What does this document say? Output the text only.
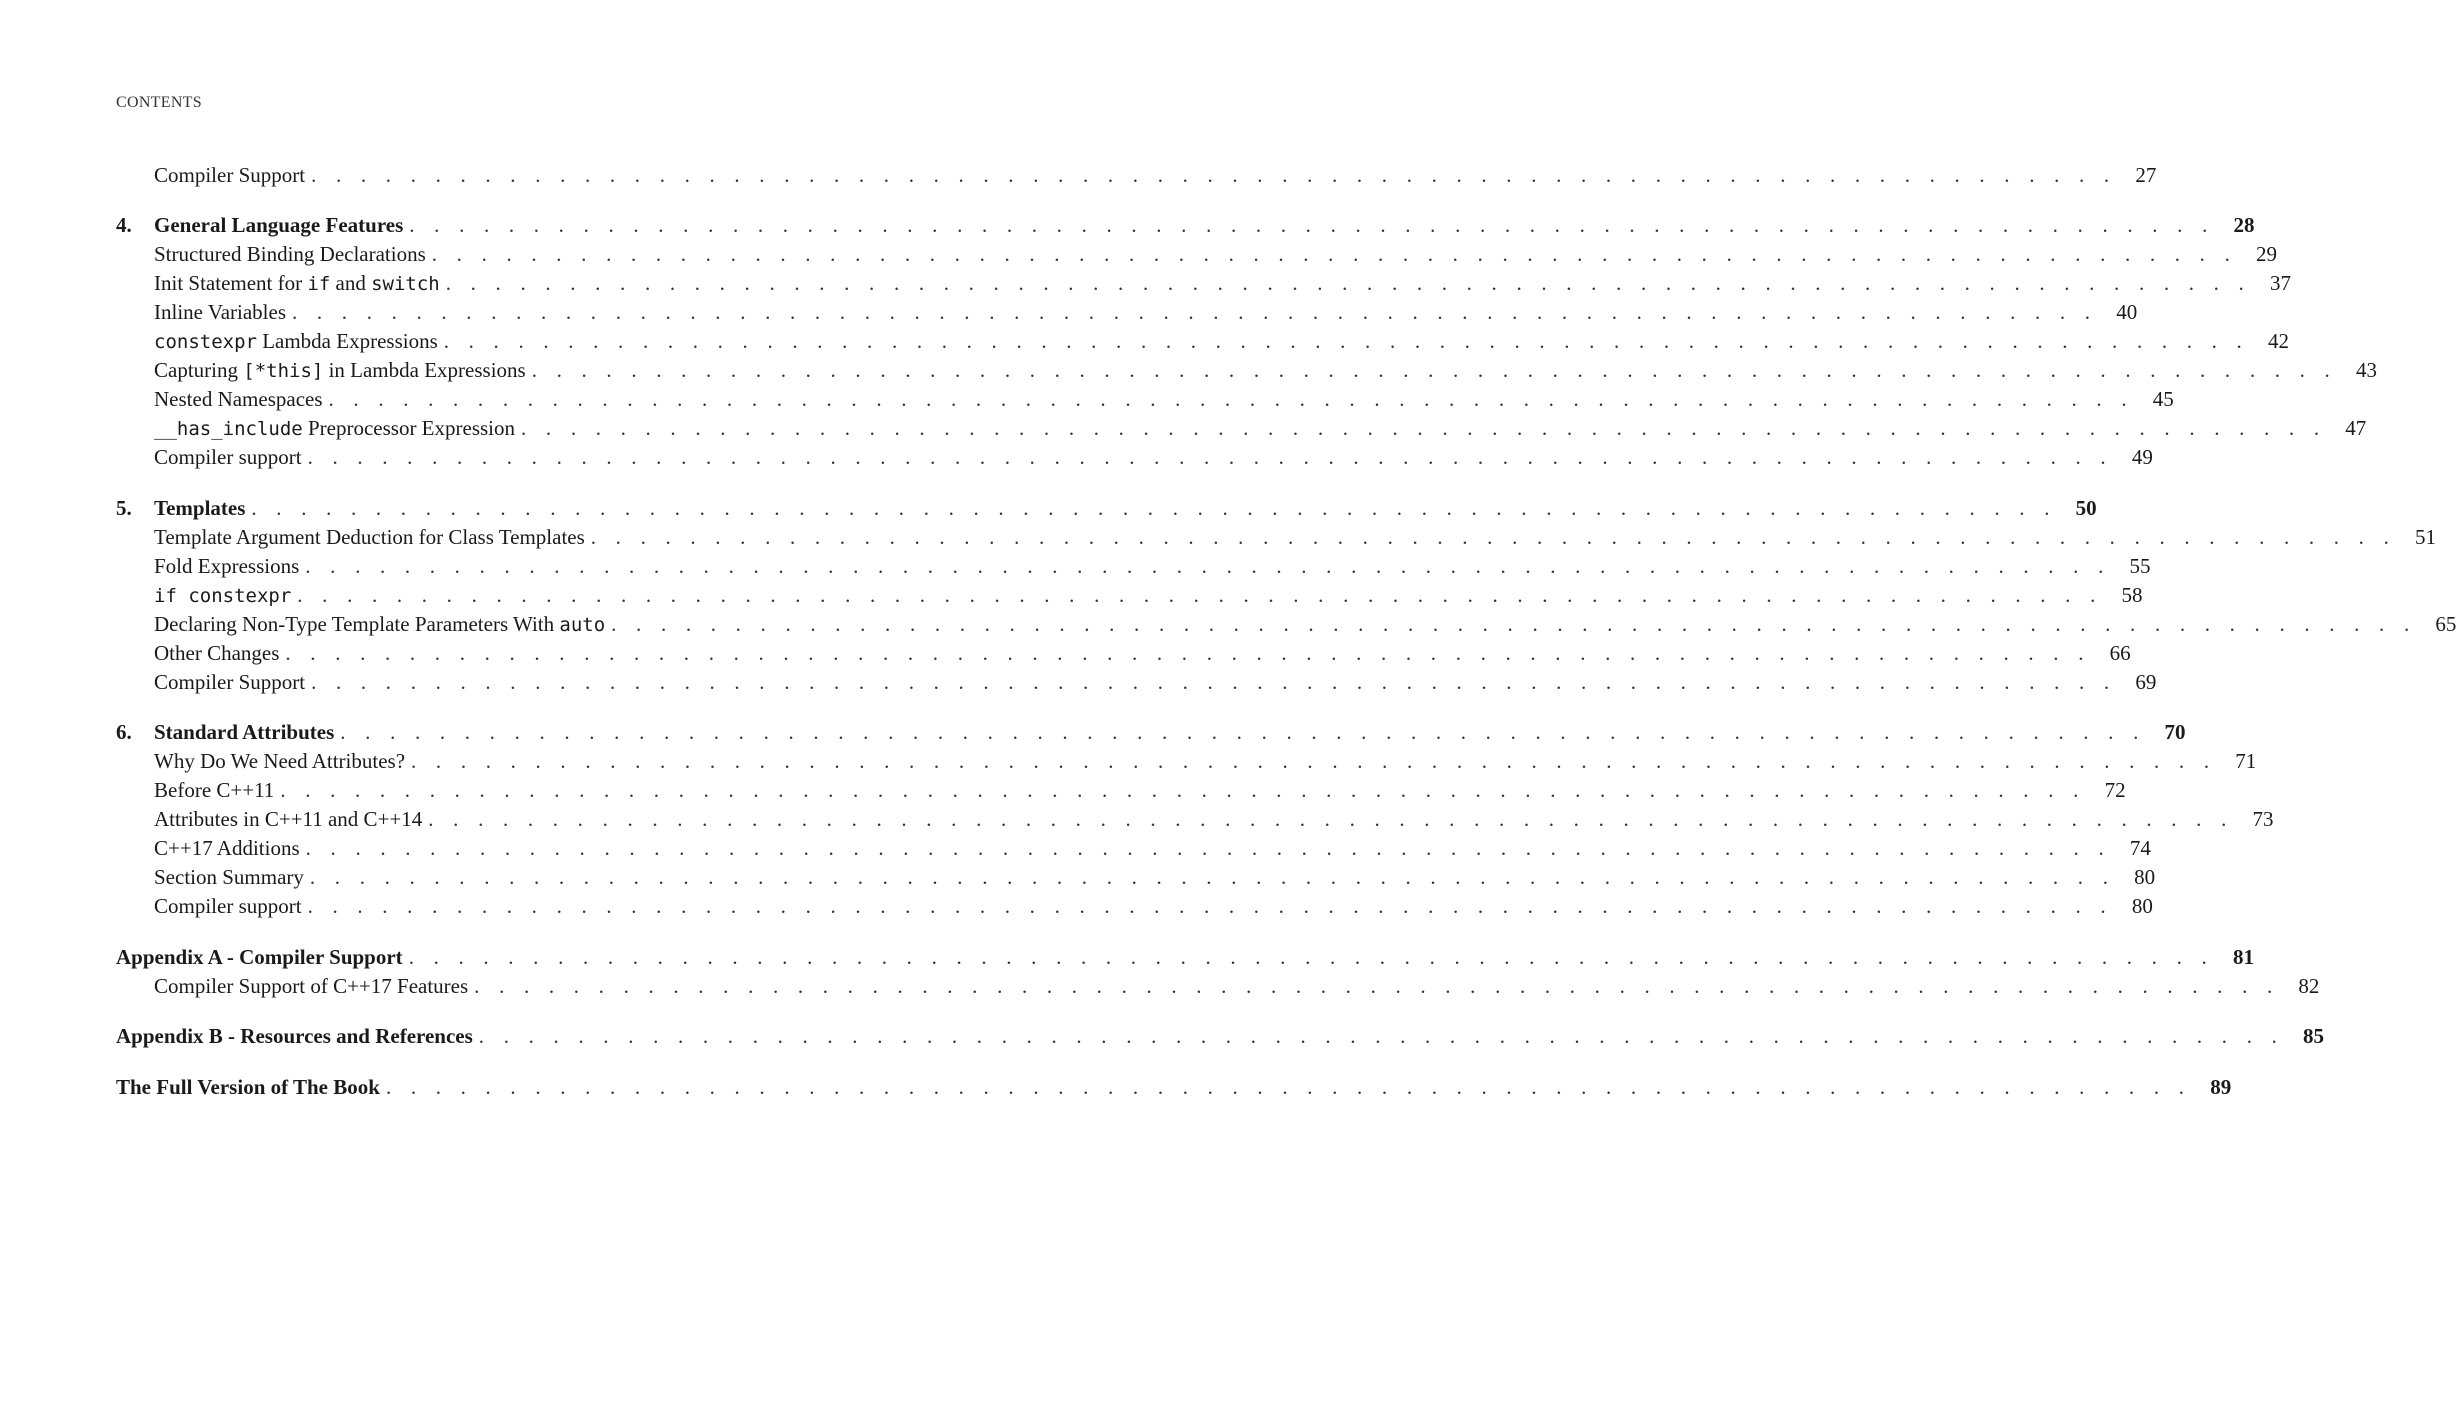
CONTENTS
Compiler Support . . . . . . . . . . . . . . . . . . . . . . . . . . . . . . . . . . . . . . . . . . . . . . . . . . . . . . . . . . . . . . . . . . . . . . . . . 27
4.	General Language Features . . . . . . . . . . . . . . . . . . . . . . . . . . . . . . . . . . . . . . . . . . . . . . . . . . . . . . . . . . . . . . . . . . . . . . . . . 28
Structured Binding Declarations . . . . . . . . . . . . . . . . . . . . . . . . . . . . . . . . . . . . . . . . . . . . . . . . . . . . . . . . . . . . . . . . . . . . . . . . . 29
Init Statement for if and switch . . . . . . . . . . . . . . . . . . . . . . . . . . . . . . . . . . . . . . . . . . . . . . . . . . . . . . . . . . . . . . . . . . . . . . . . . 37
Inline Variables . . . . . . . . . . . . . . . . . . . . . . . . . . . . . . . . . . . . . . . . . . . . . . . . . . . . . . . . . . . . . . . . . . . . . . . . . 40
constexpr Lambda Expressions . . . . . . . . . . . . . . . . . . . . . . . . . . . . . . . . . . . . . . . . . . . . . . . . . . . . . . . . . . . . . . . . . . . . . . . . . 42
Capturing [*this] in Lambda Expressions . . . . . . . . . . . . . . . . . . . . . . . . . . . . . . . . . . . . . . . . . . . . . . . . . . . . . . . . . . . . . . . . . . . . . . . . . 43
Nested Namespaces . . . . . . . . . . . . . . . . . . . . . . . . . . . . . . . . . . . . . . . . . . . . . . . . . . . . . . . . . . . . . . . . . . . . . . . . . 45
__has_include Preprocessor Expression . . . . . . . . . . . . . . . . . . . . . . . . . . . . . . . . . . . . . . . . . . . . . . . . . . . . . . . . . . . . . . . . . . . . . . . . . 47
Compiler support . . . . . . . . . . . . . . . . . . . . . . . . . . . . . . . . . . . . . . . . . . . . . . . . . . . . . . . . . . . . . . . . . . . . . . . . . 49
5.	Templates . . . . . . . . . . . . . . . . . . . . . . . . . . . . . . . . . . . . . . . . . . . . . . . . . . . . . . . . . . . . . . . . . . . . . . . . . 50
Template Argument Deduction for Class Templates . . . . . . . . . . . . . . . . . . . . . . . . . . . . . . . . . . . . . . . . . . . . . . . . . . . . . . . . . . . . . . . . . . . . . . . . . 51
Fold Expressions . . . . . . . . . . . . . . . . . . . . . . . . . . . . . . . . . . . . . . . . . . . . . . . . . . . . . . . . . . . . . . . . . . . . . . . . . 55
if constexpr . . . . . . . . . . . . . . . . . . . . . . . . . . . . . . . . . . . . . . . . . . . . . . . . . . . . . . . . . . . . . . . . . . . . . . . . . 58
Declaring Non-Type Template Parameters With auto . . . . . . . . . . . . . . . . . . . . . . . . . . . . . . . . . . . . . . . . . . . . . . . . . . . . . . . . . . . . . . . . . . . . . . . . . 65
Other Changes . . . . . . . . . . . . . . . . . . . . . . . . . . . . . . . . . . . . . . . . . . . . . . . . . . . . . . . . . . . . . . . . . . . . . . . . . 66
Compiler Support . . . . . . . . . . . . . . . . . . . . . . . . . . . . . . . . . . . . . . . . . . . . . . . . . . . . . . . . . . . . . . . . . . . . . . . . . 69
6.	Standard Attributes . . . . . . . . . . . . . . . . . . . . . . . . . . . . . . . . . . . . . . . . . . . . . . . . . . . . . . . . . . . . . . . . . . . . . . . . . 70
Why Do We Need Attributes? . . . . . . . . . . . . . . . . . . . . . . . . . . . . . . . . . . . . . . . . . . . . . . . . . . . . . . . . . . . . . . . . . . . . . . . . . 71
Before C++11 . . . . . . . . . . . . . . . . . . . . . . . . . . . . . . . . . . . . . . . . . . . . . . . . . . . . . . . . . . . . . . . . . . . . . . . . . 72
Attributes in C++11 and C++14 . . . . . . . . . . . . . . . . . . . . . . . . . . . . . . . . . . . . . . . . . . . . . . . . . . . . . . . . . . . . . . . . . . . . . . . . . 73
C++17 Additions . . . . . . . . . . . . . . . . . . . . . . . . . . . . . . . . . . . . . . . . . . . . . . . . . . . . . . . . . . . . . . . . . . . . . . . . . 74
Section Summary . . . . . . . . . . . . . . . . . . . . . . . . . . . . . . . . . . . . . . . . . . . . . . . . . . . . . . . . . . . . . . . . . . . . . . . . . 80
Compiler support . . . . . . . . . . . . . . . . . . . . . . . . . . . . . . . . . . . . . . . . . . . . . . . . . . . . . . . . . . . . . . . . . . . . . . . . . 80
Appendix A - Compiler Support . . . . . . . . . . . . . . . . . . . . . . . . . . . . . . . . . . . . . . . . . . . . . . . . . . . . . . . . . . . . . . . . . . . . . . . . . 81
Compiler Support of C++17 Features . . . . . . . . . . . . . . . . . . . . . . . . . . . . . . . . . . . . . . . . . . . . . . . . . . . . . . . . . . . . . . . . . . . . . . . . . 82
Appendix B - Resources and References . . . . . . . . . . . . . . . . . . . . . . . . . . . . . . . . . . . . . . . . . . . . . . . . . . . . . . . . . . . . . . . . . . . . . . . . . 85
The Full Version of The Book . . . . . . . . . . . . . . . . . . . . . . . . . . . . . . . . . . . . . . . . . . . . . . . . . . . . . . . . . . . . . . . . . . . . . . . . . 89
